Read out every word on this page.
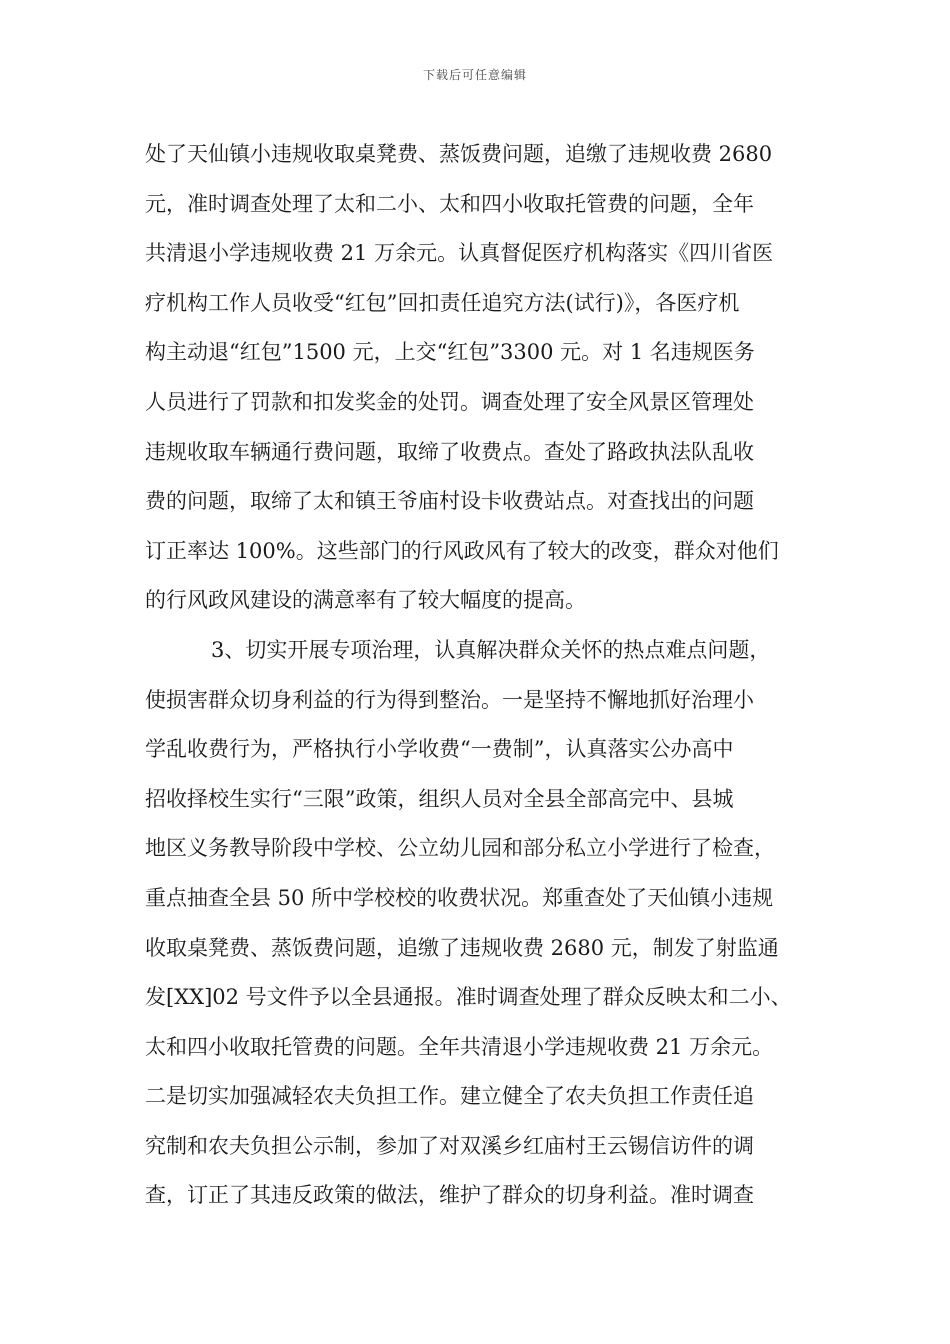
下载后可任意编辑
处了天仙镇小违规收取桌凳费、蒸饭费问题，追缴了违规收费 2680
元，准时调查处理了太和二小、太和四小收取托管费的问题，全年
共清退小学违规收费 21 万余元。认真督促医疗机构落实《四川省医
疗机构工作人员收受“红包”回扣责任追究方法(试行)》，各医疗机
构主动退“红包”1500 元，上交“红包”3300 元。对 1 名违规医务
人员进行了罚款和扣发奖金的处罚。调查处理了安全风景区管理处
违规收取车辆通行费问题，取缔了收费点。查处了路政执法队乱收
费的问题，取缔了太和镇王爷庙村设卡收费站点。对查找出的问题
订正率达 100%。这些部门的行风政风有了较大的改变，群众对他们
的行风政风建设的满意率有了较大幅度的提高。
3、切实开展专项治理，认真解决群众关怀的热点难点问题，
使损害群众切身利益的行为得到整治。一是坚持不懈地抓好治理小
学乱收费行为，严格执行小学收费“一费制”，认真落实公办高中
招收择校生实行“三限”政策，组织人员对全县全部高完中、县城
地区义务教导阶段中学校、公立幼儿园和部分私立小学进行了检查，
重点抽查全县 50 所中学校校的收费状况。郑重查处了天仙镇小违规
收取桌凳费、蒸饭费问题，追缴了违规收费 2680 元，制发了射监通
发[XX]02 号文件予以全县通报。准时调查处理了群众反映太和二小、
太和四小收取托管费的问题。全年共清退小学违规收费 21 万余元。
二是切实加强减轻农夫负担工作。建立健全了农夫负担工作责任追
究制和农夫负担公示制，参加了对双溪乡红庙村王云锡信访件的调
查，订正了其违反政策的做法，维护了群众的切身利益。准时调查
